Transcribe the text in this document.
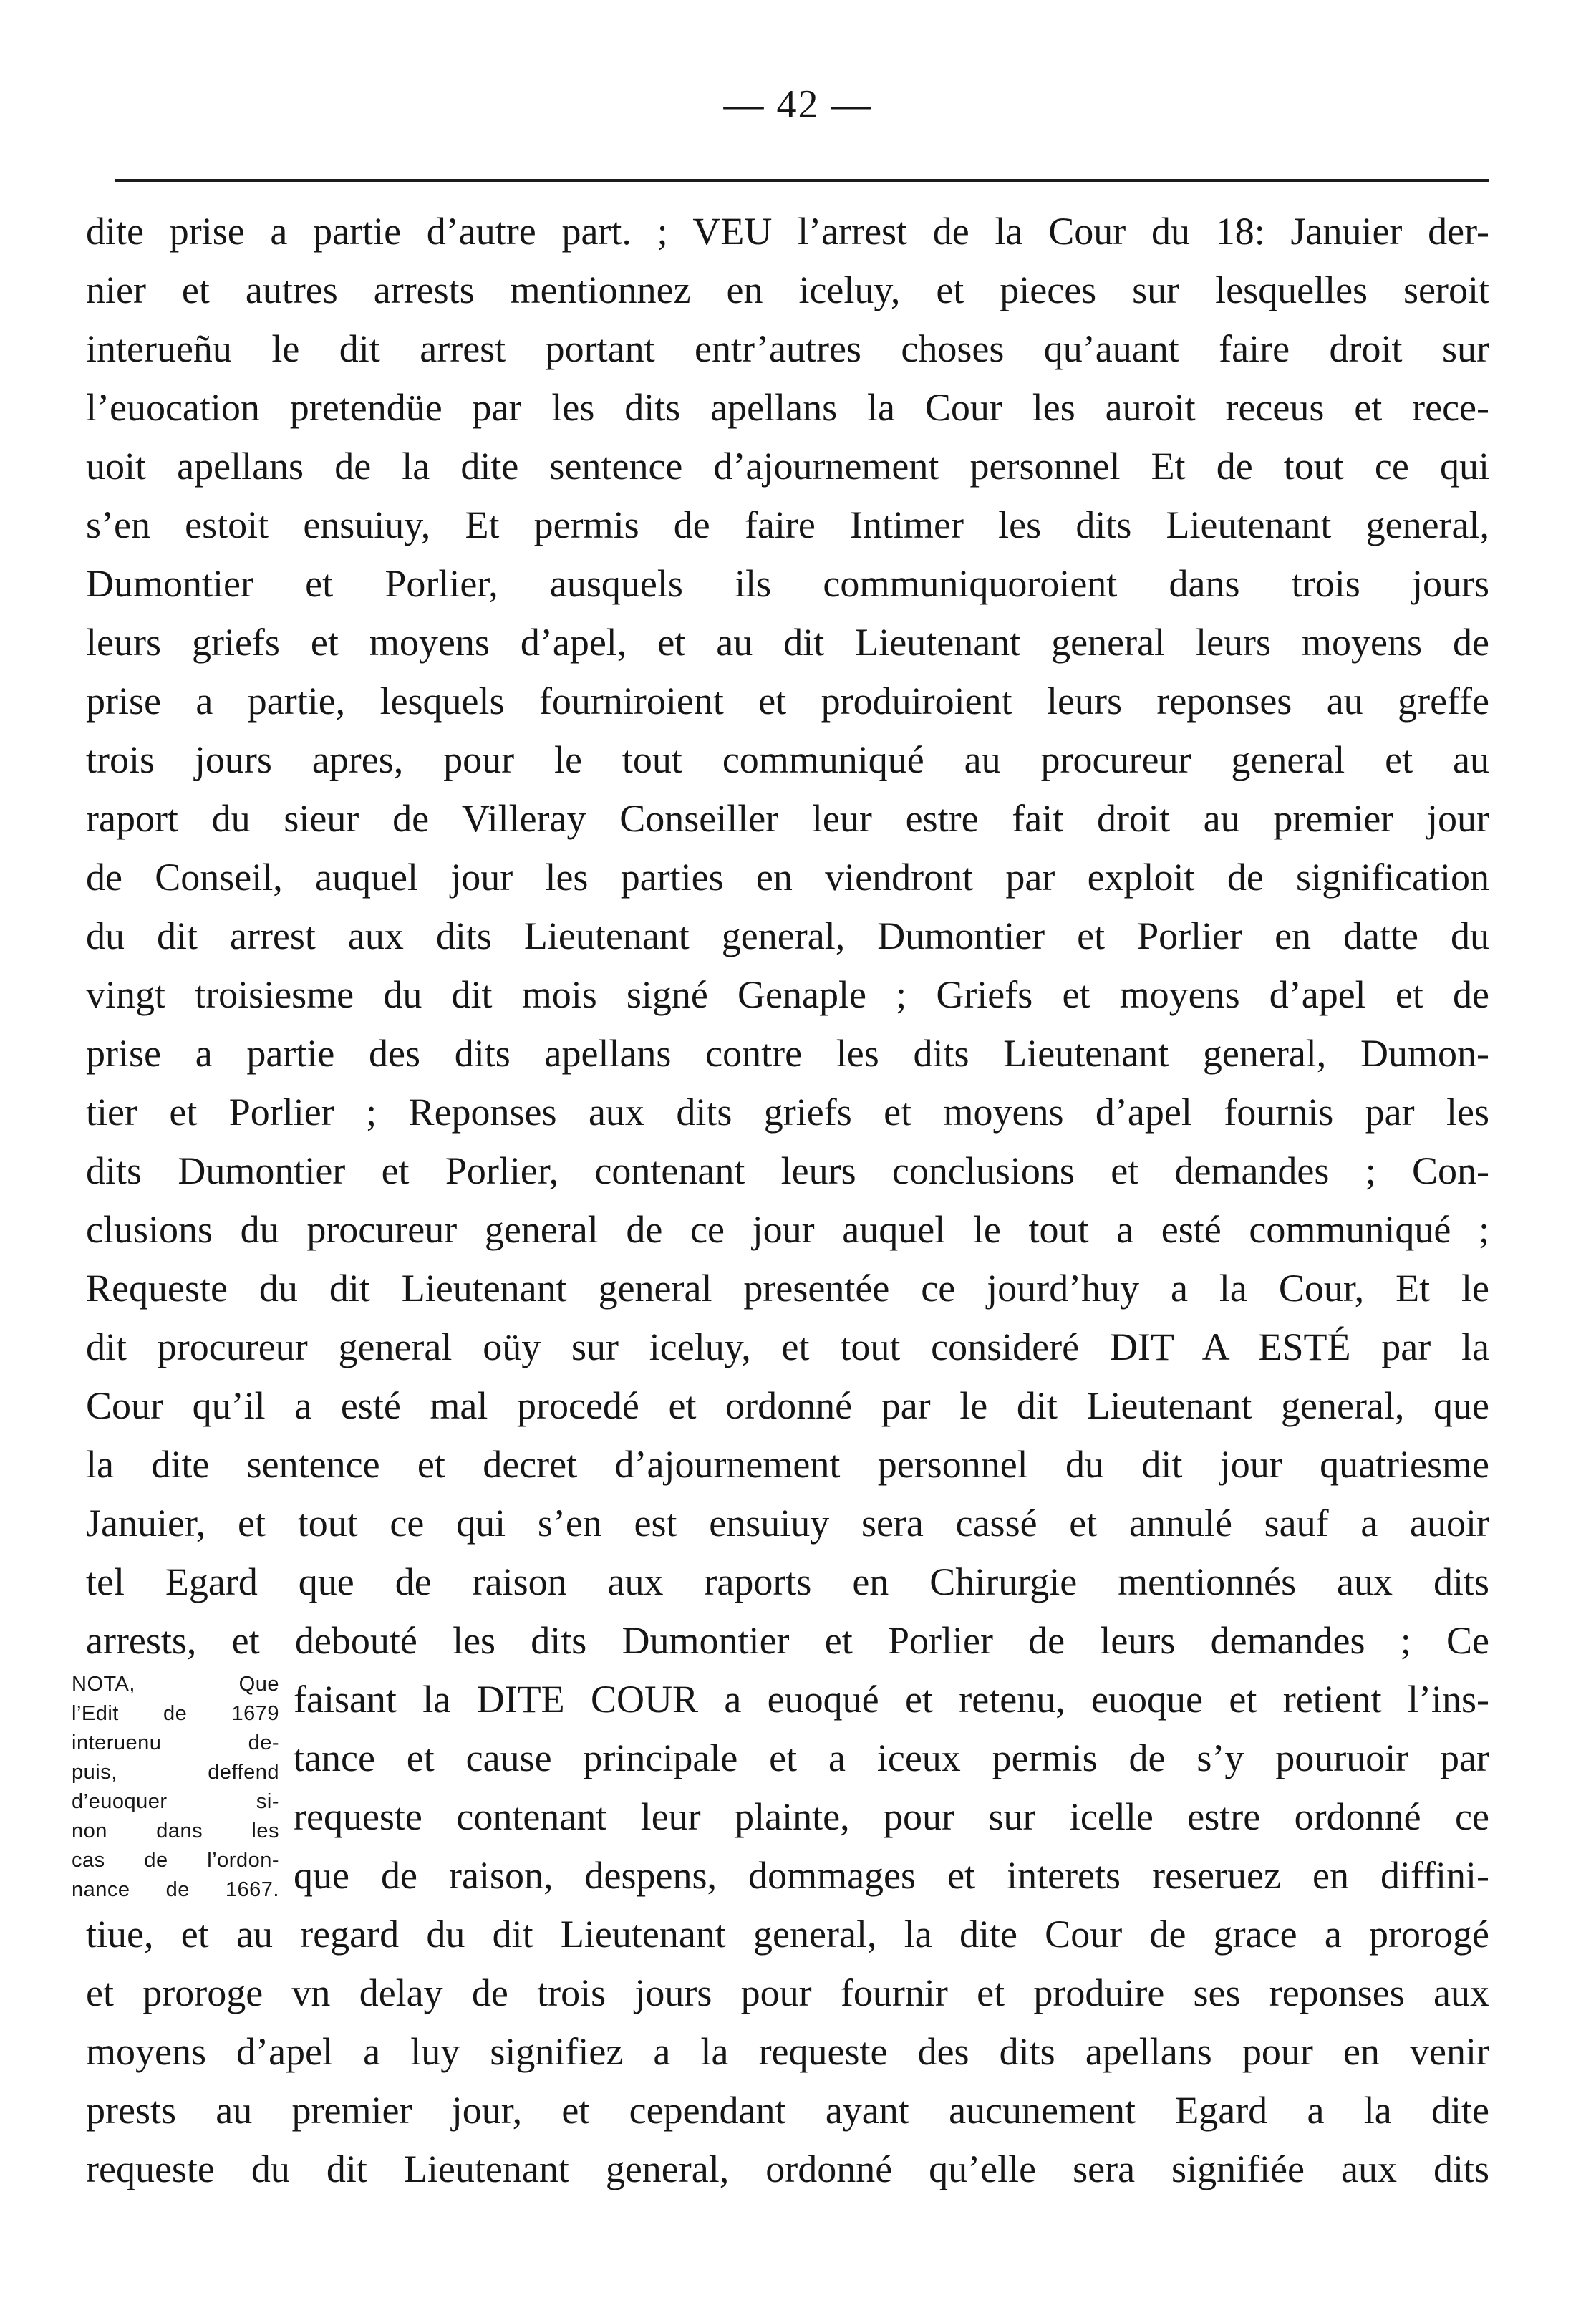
— 42 —
dite prise a partie d’autre part. ; VEU l’arrest de la Cour du 18: Januier der-
nier et autres arrests mentionnez en iceluy, et pieces sur lesquelles seroit
interueñu le dit arrest portant entr’autres choses qu’auant faire droit sur
l’euocation pretendüe par les dits apellans la Cour les auroit receus et rece-
uoit apellans de la dite sentence d’ajournement personnel Et de tout ce qui
s’en estoit ensuiuy, Et permis de faire Intimer les dits Lieutenant general,
Dumontier et Porlier, ausquels ils communiquoroient dans trois jours
leurs griefs et moyens d’apel, et au dit Lieutenant general leurs moyens de
prise a partie, lesquels fourniroient et produiroient leurs reponses au greffe
trois jours apres, pour le tout communiqué au procureur general et au
raport du sieur de Villeray Conseiller leur estre fait droit au premier jour
de Conseil, auquel jour les parties en viendront par exploit de signification
du dit arrest aux dits Lieutenant general, Dumontier et Porlier en datte du
vingt troisiesme du dit mois signé Genaple ; Griefs et moyens d’apel et de
prise a partie des dits apellans contre les dits Lieutenant general, Dumon-
tier et Porlier ; Reponses aux dits griefs et moyens d’apel fournis par les
dits Dumontier et Porlier, contenant leurs conclusions et demandes ; Con-
clusions du procureur general de ce jour auquel le tout a esté communiqué ;
Requeste du dit Lieutenant general presentée ce jourd’huy a la Cour, Et le
dit procureur general oüy sur iceluy, et tout consideré DIT A ESTÉ par la
Cour qu’il a esté mal procedé et ordonné par le dit Lieutenant general, que
la dite sentence et decret d’ajournement personnel du dit jour quatriesme
Januier, et tout ce qui s’en est ensuiuy sera cassé et annulé sauf a auoir
tel Egard que de raison aux raports en Chirurgie mentionnés aux dits
arrests, et debouté les dits Dumontier et Porlier de leurs demandes ; Ce
faisant la DITE COUR a euoqué et retenu, euoque et retient l’ins-
tance et cause principale et a iceux permis de s’y pouruoir par
requeste contenant leur plainte, pour sur icelle estre ordonné ce
que de raison, despens, dommages et interets reseruez en diffini-
tiue, et au regard du dit Lieutenant general, la dite Cour de grace a prorogé
et proroge vn delay de trois jours pour fournir et produire ses reponses aux
moyens d’apel a luy signifiez a la requeste des dits apellans pour en venir
prests au premier jour, et cependant ayant aucunement Egard a la dite
requeste du dit Lieutenant general, ordonné qu’elle sera signifiée aux dits
NOTA, Que
l’Edit de 1679
interuenu de-
puis, deffend
d’euoquer si-
non dans les
cas de l’ordon-
nance de 1667.
